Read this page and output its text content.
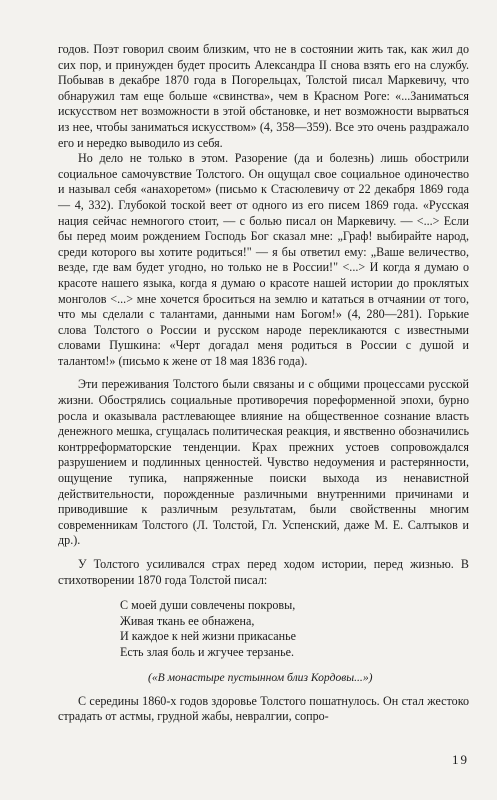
годов. Поэт говорил своим близким, что не в состоянии жить так, как жил до сих пор, и принужден будет просить Александра II снова взять его на службу. Побывав в декабре 1870 года в Погорельцах, Толстой писал Маркевичу, что обнаружил там еще больше «свинства», чем в Красном Роге: «...Заниматься искусством нет возможности в этой обстановке, и нет возможности вырваться из нее, чтобы заниматься искусством» (4, 358—359). Все это очень раздражало его и нередко выводило из себя.

Но дело не только в этом. Разорение (да и болезнь) лишь обострили социальное самочувствие Толстого. Он ощущал свое социальное одиночество и называл себя «анахоретом» (письмо к Стасюлевичу от 22 декабря 1869 года — 4, 332). Глубокой тоской веет от одного из его писем 1869 года. «Русская нация сейчас немногого стоит, — с болью писал он Маркевичу. — <...> Если бы перед моим рождением Господь Бог сказал мне: „Граф! выбирайте народ, среди которого вы хотите родиться!" — я бы ответил ему: „Ваше величество, везде, где вам будет угодно, но только не в России!" <...> И когда я думаю о красоте нашего языка, когда я думаю о красоте нашей истории до проклятых монголов <...> мне хочется броситься на землю и кататься в отчаянии от того, что мы сделали с талантами, данными нам Богом!» (4, 280—281). Горькие слова Толстого о России и русском народе перекликаются с известными словами Пушкина: «Черт догадал меня родиться в России с душой и талантом!» (письмо к жене от 18 мая 1836 года).

Эти переживания Толстого были связаны и с общими процессами русской жизни. Обострялись социальные противоречия пореформенной эпохи, бурно росла и оказывала растлевающее влияние на общественное сознание власть денежного мешка, сгущалась политическая реакция, и явственно обозначились контрреформаторские тенденции. Крах прежних устоев сопровождался разрушением и подлинных ценностей. Чувство недоумения и растерянности, ощущение тупика, напряженные поиски выхода из ненавистной действительности, порожденные различными внутренними причинами и приводившие к различным результатам, были свойственны многим современникам Толстого (Л. Толстой, Гл. Успенский, даже М. Е. Салтыков и др.).

У Толстого усиливался страх перед ходом истории, перед жизнью. В стихотворении 1870 года Толстой писал:

С моей души совлечены покровы,
Живая ткань ее обнажена,
И каждое к ней жизни прикасанье
Есть злая боль и жгучее терзанье.
(«В монастыре пустынном близ Кордовы...»)

С середины 1860-х годов здоровье Толстого пошатнулось. Он стал жестоко страдать от астмы, грудной жабы, невралгии, сопро-

19
